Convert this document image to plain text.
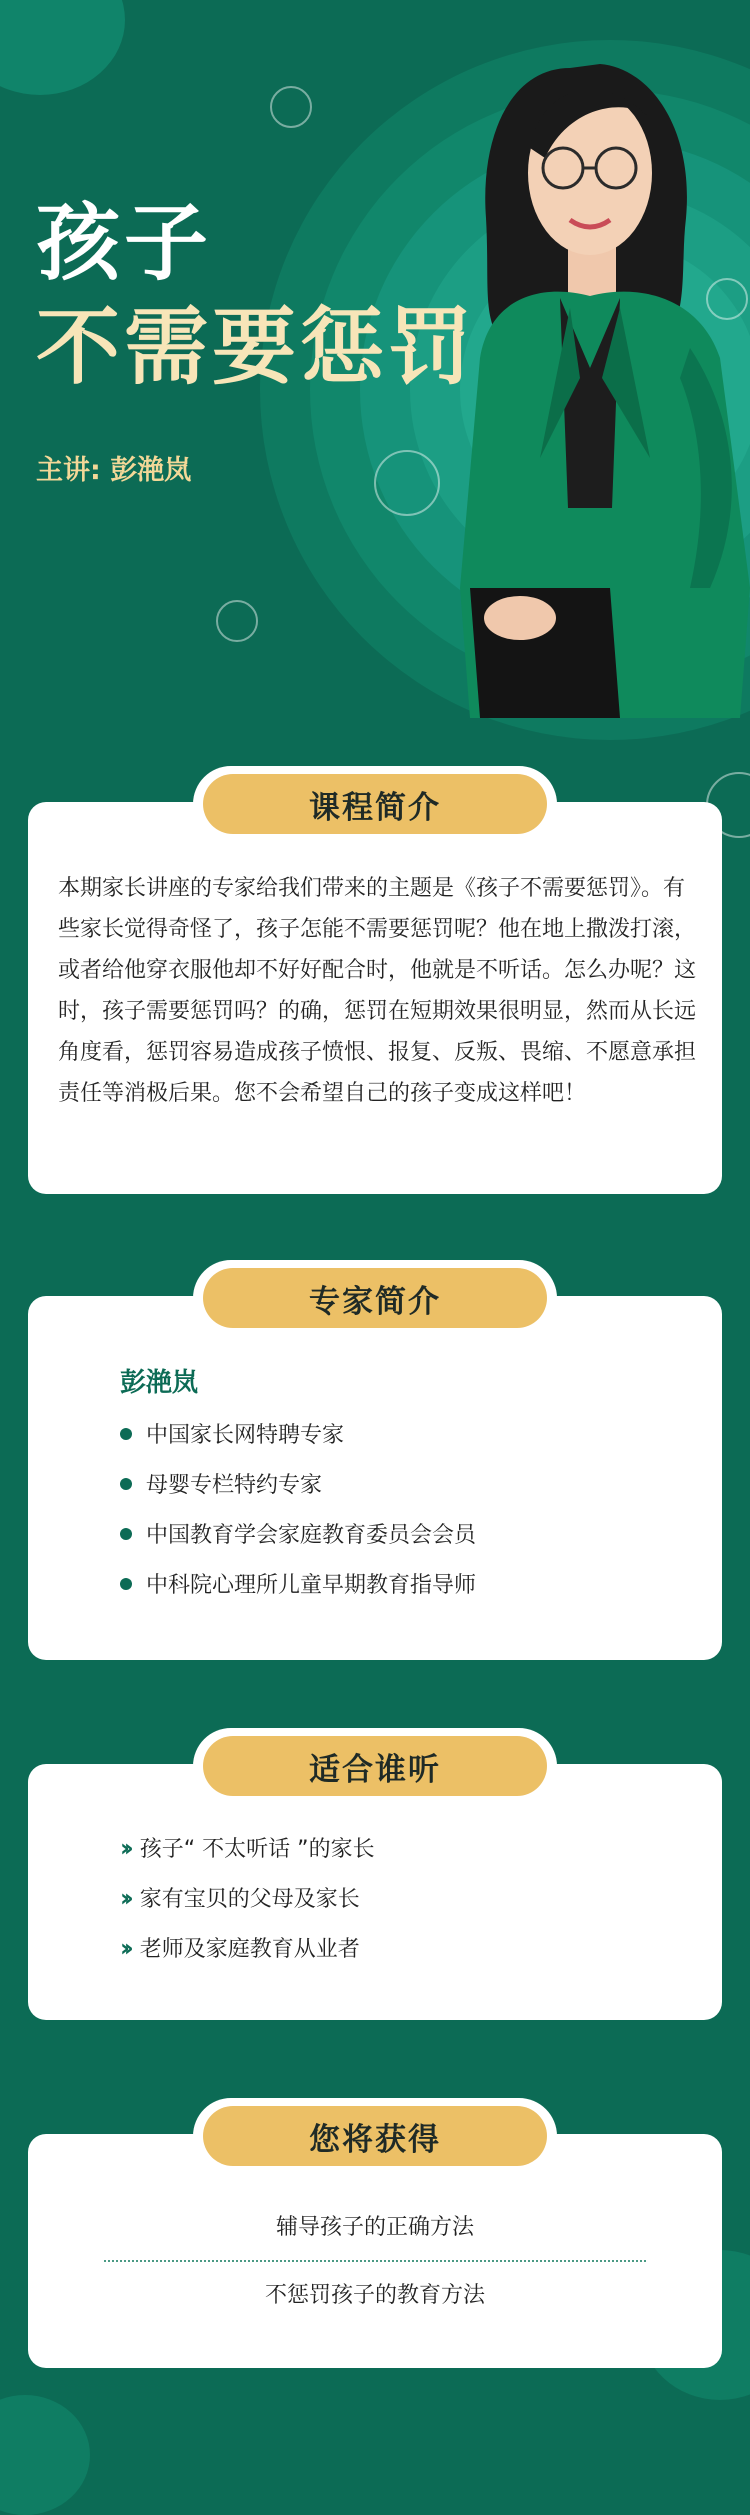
孩子
不需要惩罚
主讲: 彭滟岚
本期家长讲座的专家给我们带来的主题是《孩子不需要惩罚》。有些家长觉得奇怪了，孩子怎能不需要惩罚呢？他在地上撒泼打滚，或者给他穿衣服他却不好好配合时，他就是不听话。怎么办呢？这时，孩子需要惩罚吗？的确，惩罚在短期效果很明显，然而从长远角度看，惩罚容易造成孩子愤恨、报复、反叛、畏缩、不愿意承担责任等消极后果。您不会希望自己的孩子变成这样吧！
课程简介
彭滟岚
中国家长网特聘专家
母婴专栏特约专家
中国教育学会家庭教育委员会会员
中科院心理所儿童早期教育指导师
专家简介
›› 孩子“ 不太听话 ”的家长
›› 家有宝贝的父母及家长
›› 老师及家庭教育从业者
适合谁听
辅导孩子的正确方法
不惩罚孩子的教育方法
您将获得
